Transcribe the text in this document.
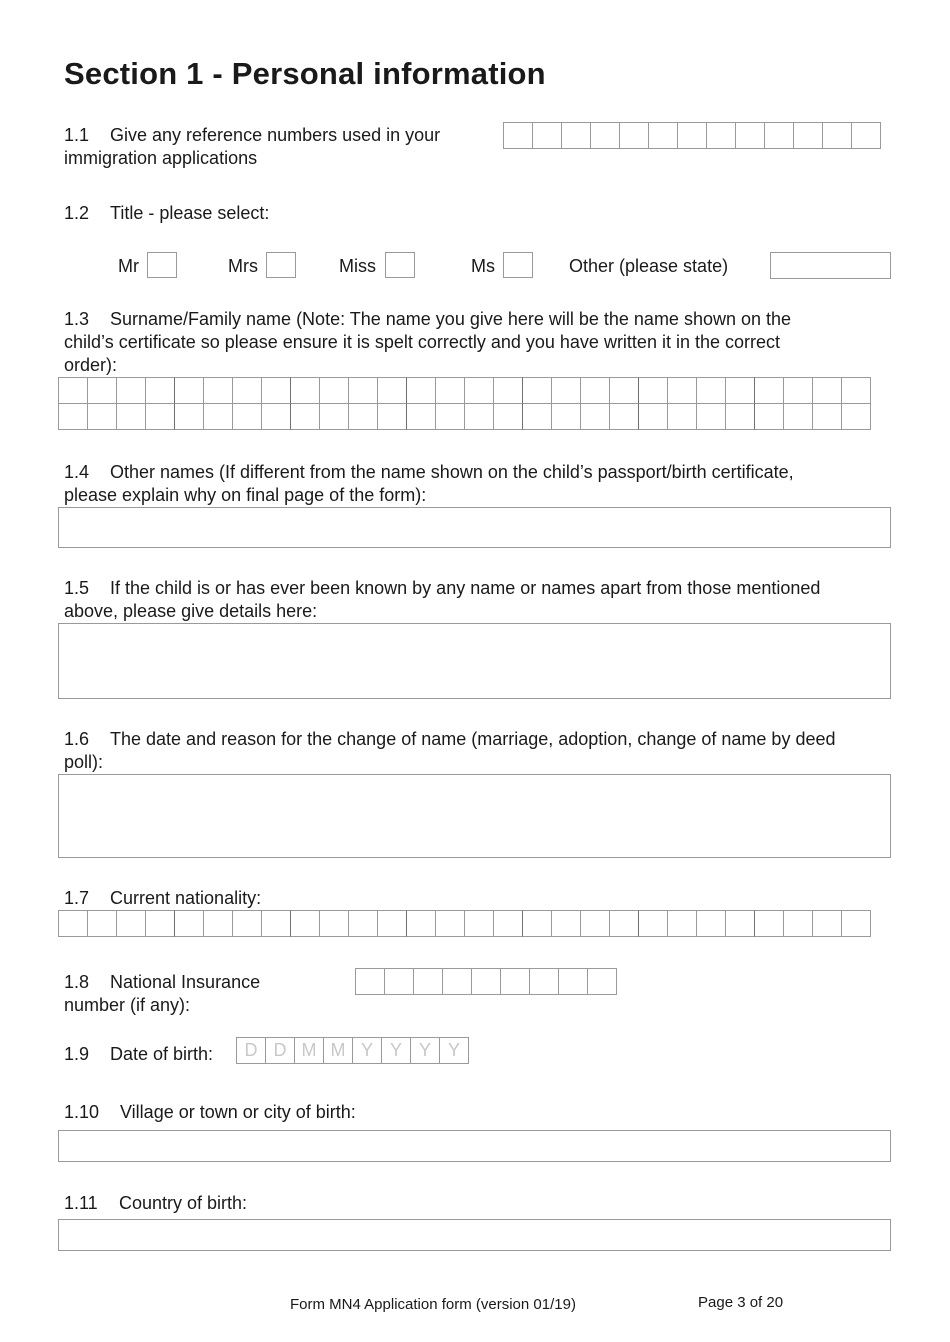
Section 1 - Personal information
1.1 Give any reference numbers used in your
immigration applications
1.2 Title - please select:
Mr	Mrs	Miss	Ms	Other (please state)
1.3 Surname/Family name (Note: The name you give here will be the name shown on the
child’s certificate so please ensure it is spelt correctly and you have written it in the correct
order):
1.4 Other names (If different from the name shown on the child’s passport/birth certificate,
please explain why on final page of the form):
1.5 If the child is or has ever been known by any name or names apart from those mentioned
above, please give details here:
1.6 The date and reason for the change of name (marriage, adoption, change of name by deed
poll):
1.7 Current nationality:
1.8 National Insurance
number (if any):
1.9 Date of birth:	D D M M Y Y Y Y
1.10 Village or town or city of birth:
1.11 Country of birth:
Form MN4 Application form (version 01/19)	Page 3 of 20
